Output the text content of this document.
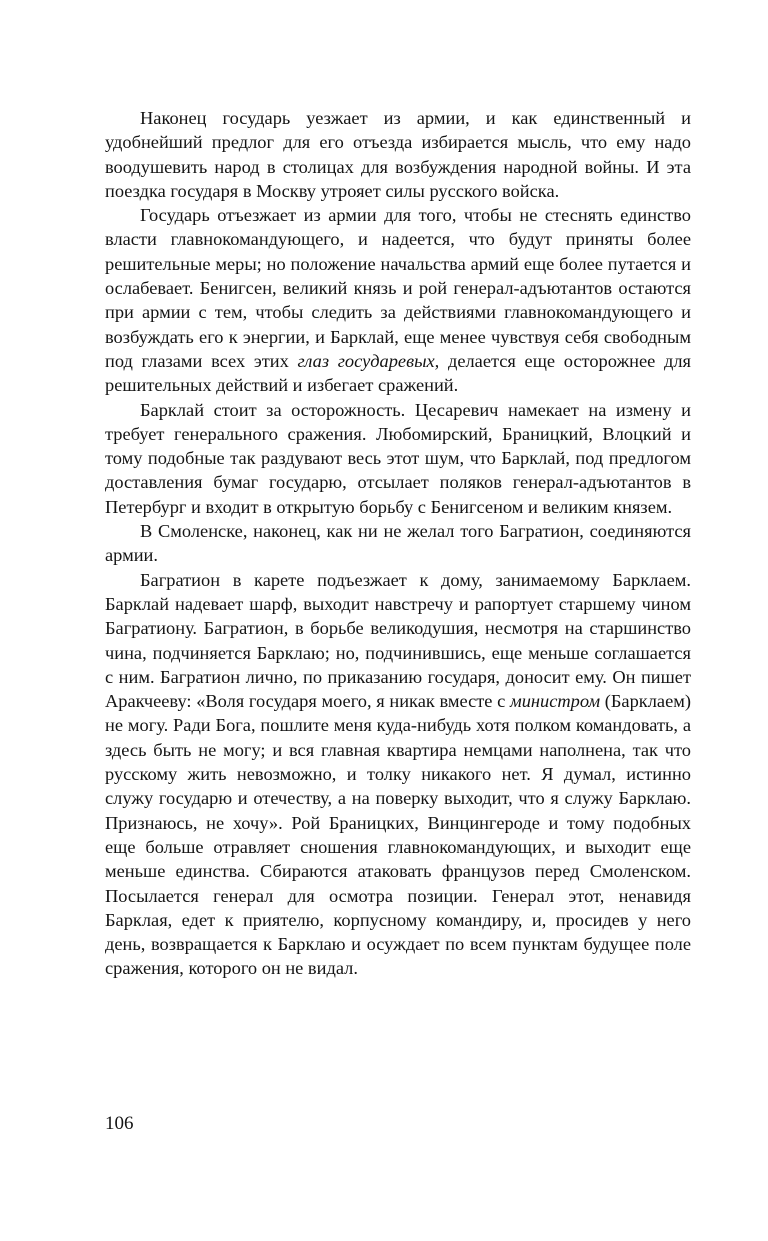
Наконец государь уезжает из армии, и как единственный и удобнейший предлог для его отъезда избирается мысль, что ему надо воодушевить народ в столицах для возбуждения народной войны. И эта поездка государя в Москву утрояет силы русского войска.

Государь отъезжает из армии для того, чтобы не стеснять единство власти главнокомандующего, и надеется, что будут приняты более решительные меры; но положение начальства армий еще более путается и ослабевает. Бенигсен, великий князь и рой генерал-адъютантов остаются при армии с тем, чтобы следить за действиями главнокомандующего и возбуждать его к энергии, и Барклай, еще менее чувствуя себя свободным под глазами всех этих глаз государевых, делается еще осторожнее для решительных действий и избегает сражений.

Барклай стоит за осторожность. Цесаревич намекает на измену и требует генерального сражения. Любомирский, Браницкий, Влоцкий и тому подобные так раздувают весь этот шум, что Барклай, под предлогом доставления бумаг государю, отсылает поляков генерал-адъютантов в Петербург и входит в открытую борьбу с Бенигсеном и великим князем.

В Смоленске, наконец, как ни не желал того Багратион, соединяются армии.

Багратион в карете подъезжает к дому, занимаемому Барклаем. Барклай надевает шарф, выходит навстречу и рапортует старшему чином Багратиону. Багратион, в борьбе великодушия, несмотря на старшинство чина, подчиняется Барклаю; но, подчинившись, еще меньше соглашается с ним. Багратион лично, по приказанию государя, доносит ему. Он пишет Аракчееву: «Воля государя моего, я никак вместе с министром (Барклаем) не могу. Ради Бога, пошлите меня куда-нибудь хотя полком командовать, а здесь быть не могу; и вся главная квартира немцами наполнена, так что русскому жить невозможно, и толку никакого нет. Я думал, истинно служу государю и отечеству, а на поверку выходит, что я служу Барклаю. Признаюсь, не хочу». Рой Браницких, Винцингероде и тому подобных еще больше отравляет сношения главнокомандующих, и выходит еще меньше единства. Сбираются атаковать французов перед Смоленском. Посылается генерал для осмотра позиции. Генерал этот, ненавидя Барклая, едет к приятелю, корпусному командиру, и, просидев у него день, возвращается к Барклаю и осуждает по всем пунктам будущее поле сражения, которого он не видал.

106
